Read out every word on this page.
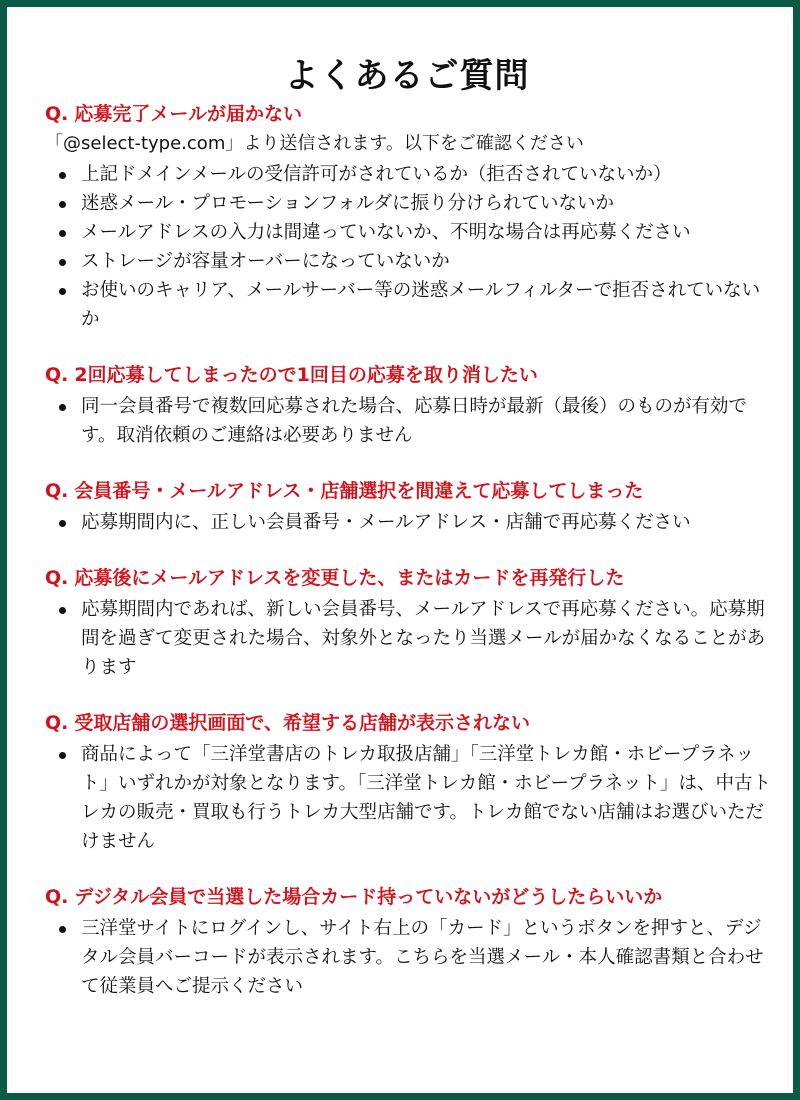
よくあるご質問
Q. 応募完了メールが届かない
「@select-type.com」より送信されます。以下をご確認ください
上記ドメインメールの受信許可がされているか（拒否されていないか）
迷惑メール・プロモーションフォルダに振り分けられていないか
メールアドレスの入力は間違っていないか、不明な場合は再応募ください
ストレージが容量オーバーになっていないか
お使いのキャリア、メールサーバー等の迷惑メールフィルターで拒否されていないか
Q. 2回応募してしまったので1回目の応募を取り消したい
同一会員番号で複数回応募された場合、応募日時が最新（最後）のものが有効です。取消依頼のご連絡は必要ありません
Q. 会員番号・メールアドレス・店舗選択を間違えて応募してしまった
応募期間内に、正しい会員番号・メールアドレス・店舗で再応募ください
Q. 応募後にメールアドレスを変更した、またはカードを再発行した
応募期間内であれば、新しい会員番号、メールアドレスで再応募ください。応募期間を過ぎて変更された場合、対象外となったり当選メールが届かなくなることがあります
Q. 受取店舗の選択画面で、希望する店舗が表示されない
商品によって「三洋堂書店のトレカ取扱店舗」「三洋堂トレカ館・ホビープラネット」いずれかが対象となります。「三洋堂トレカ館・ホビープラネット」は、中古トレカの販売・買取も行うトレカ大型店舗です。トレカ館でない店舗はお選びいただけません
Q. デジタル会員で当選した場合カード持っていないがどうしたらいいか
三洋堂サイトにログインし、サイト右上の「カード」というボタンを押すと、デジタル会員バーコードが表示されます。こちらを当選メール・本人確認書類と合わせて従業員へご提示ください
